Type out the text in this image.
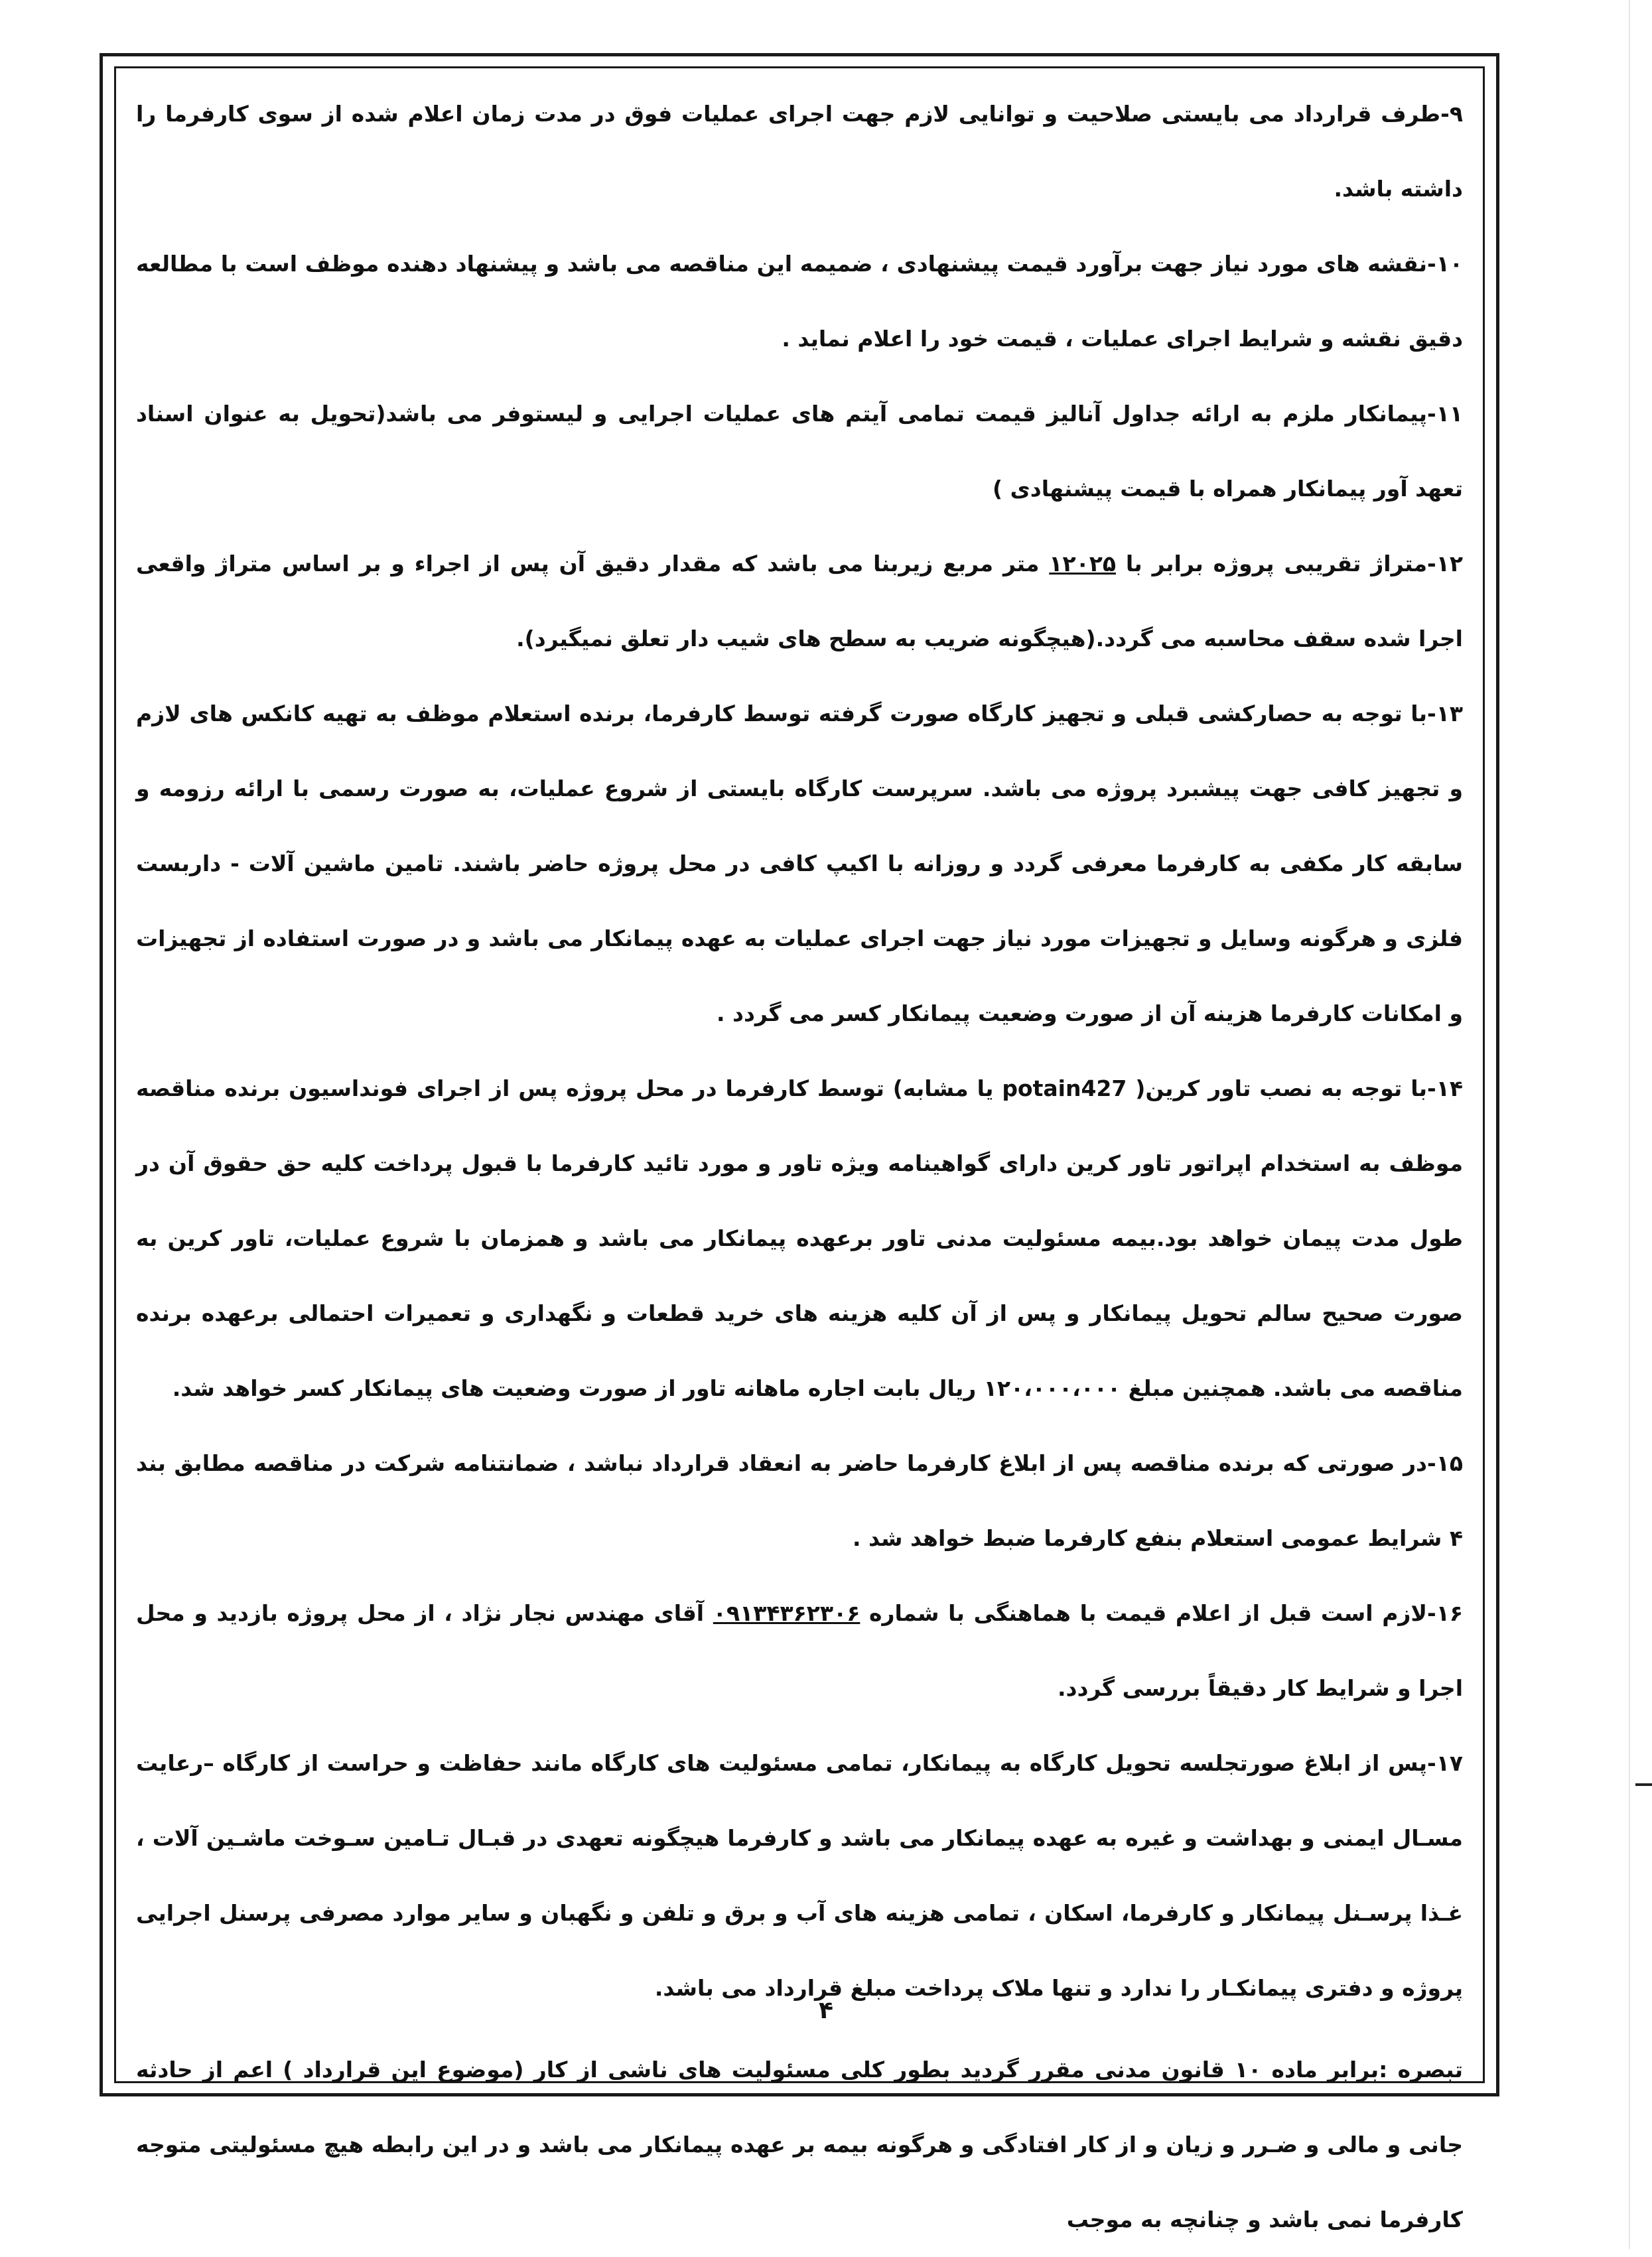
۹-طرف قرارداد می بایستی صلاحیت و توانایی لازم جهت اجرای عملیات فوق در مدت زمان اعلام شده از سوی کارفرما را داشته باشد.

۱۰-نقشه های مورد نیاز جهت برآورد قیمت پیشنهادی ، ضمیمه این مناقصه می باشد و پیشنهاد دهنده موظف است با مطالعه دقیق نقشه و شرایط اجرای عملیات ، قیمت خود را اعلام نماید .

۱۱-پیمانکار ملزم به ارائه جداول آنالیز قیمت تمامی آیتم های عملیات اجرایی و لیستوفر می باشد(تحویل به عنوان اسناد تعهد آور پیمانکار همراه با قیمت پیشنهادی )

۱۲-متراژ تقریبی پروژه برابر با ۱۲۰۲۵ متر مربع زیربنا می باشد که مقدار دقیق آن پس از اجراء و بر اساس متراژ واقعی اجرا شده سقف محاسبه می گردد.(هیچگونه ضریب به سطح های شیب دار تعلق نمیگیرد).

۱۳-با توجه به حصارکشی قبلی و تجهیز کارگاه صورت گرفته توسط کارفرما، برنده استعلام موظف به تهیه کانکس های لازم و تجهیز کافی جهت پیشبرد پروژه می باشد. سرپرست کارگاه بایستی از شروع عملیات، به صورت رسمی با ارائه رزومه و سابقه کار مکفی به کارفرما معرفی گردد و روزانه با اکیپ کافی در محل پروژه حاضر باشند. تامین ماشین آلات - داربست فلزی و هرگونه وسایل و تجهیزات مورد نیاز جهت اجرای عملیات به عهده پیمانکار می باشد و در صورت استفاده از تجهیزات و امکانات کارفرما هزینه آن از صورت وضعیت پیمانکار کسر می گردد .

۱۴-با توجه به نصب تاور کرین( potain427 یا مشابه) توسط کارفرما در محل پروژه پس از اجرای فونداسیون برنده مناقصه موظف به استخدام اپراتور تاور کرین دارای گواهینامه ویژه تاور و مورد تائید کارفرما با قبول پرداخت کلیه حق حقوق آن در طول مدت پیمان خواهد بود.بیمه مسئولیت مدنی تاور برعهده پیمانکار می باشد و همزمان با شروع عملیات، تاور کرین به صورت صحیح سالم تحویل پیمانکار و پس از آن کلیه هزینه های خرید قطعات و نگهداری و تعمیرات احتمالی برعهده برنده مناقصه می باشد. همچنین مبلغ ۱۲۰،۰۰۰،۰۰۰ ریال بابت اجاره ماهانه تاور از صورت وضعیت های پیمانکار کسر خواهد شد.

۱۵-در صورتی که برنده مناقصه پس از ابلاغ کارفرما حاضر به انعقاد قرارداد نباشد ، ضمانتنامه شرکت در مناقصه مطابق بند ۴ شرایط عمومی استعلام بنفع کارفرما ضبط خواهد شد .

۱۶-لازم است قبل از اعلام قیمت با هماهنگی با شماره ۰۹۱۳۴۳۶۲۳۰۶ آقای مهندس نجار نژاد ، از محل پروژه بازدید و محل اجرا و شرایط کار دقیقاً بررسی گردد.

۱۷-پس از ابلاغ صورتجلسه تحویل کارگاه به پیمانکار، تمامی مسئولیت های کارگاه مانند حفاظت و حراست از کارگاه –رعایت مسـال ایمنی و بهداشت و غیره به عهده پیمانکار می باشد و کارفرما هیچگونه تعهدی در قبـال تـامین سـوخت ماشـین آلات ، غـذا پرسـنل پیمانکار و کارفرما، اسکان ، تمامی هزینه های آب و برق و تلفن و نگهبان و سایر موارد مصرفی پرسنل اجرایی پروژه و دفتری پیمانکـار را ندارد و تنها ملاک پرداخت مبلغ قرارداد می باشد.

تبصره :برابر ماده ۱۰ قانون مدنی مقرر گردید بطور کلی مسئولیت های ناشی از کار (موضوع این قرارداد ) اعم از حادثه جانی و مالی و ضـرر و زیان و از کار افتادگی و هرگونه بیمه بر عهده پیمانکار می باشد و در این رابطه هیچ مسئولیتی متوجه کارفرما نمی باشد و چنانچه به موجب

۴
